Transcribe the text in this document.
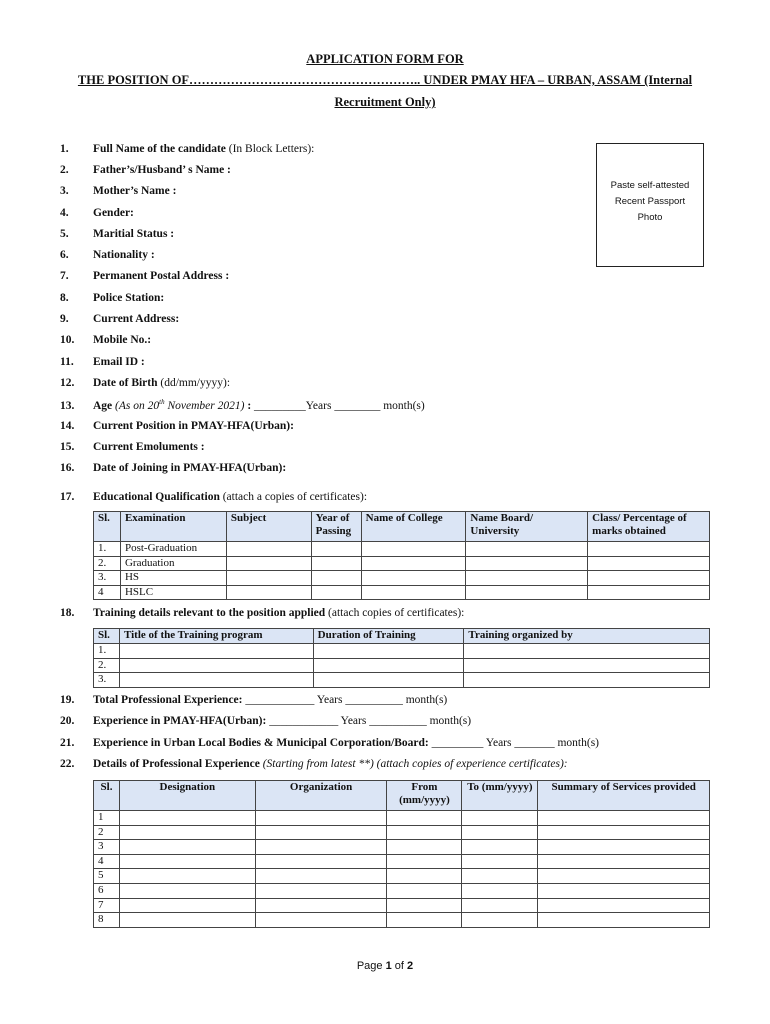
APPLICATION FORM FOR
THE POSITION OF……………………………………………….. UNDER PMAY HFA – URBAN, ASSAM (Internal
Recruitment Only)
Paste self-attested
Recent Passport
Photo
1. Full Name of the candidate (In Block Letters):
2. Father’s/Husband’ s Name :
3. Mother’s Name :
4. Gender:
5. Maritial Status :
6. Nationality :
7. Permanent Postal Address :
8. Police Station:
9. Current Address:
10. Mobile No.:
11. Email ID :
12. Date of Birth (dd/mm/yyyy):
13. Age (As on 20th November 2021) : _________Years ________ month(s)
14. Current Position in PMAY-HFA(Urban):
15. Current Emoluments :
16. Date of Joining in PMAY-HFA(Urban):
17. Educational Qualification (attach a copies of certificates):
Sl.	Examination	Subject	Year of Passing	Name of College	Name Board/ University	Class/ Percentage of marks obtained
1.	Post-Graduation					
2.	Graduation					
3.	HS					
4	HSLC					
18. Training details relevant to the position applied (attach copies of certificates):
Sl.	Title of the Training program	Duration of Training	Training organized by
1.			
2.			
3.			
19. Total Professional Experience: ____________ Years __________ month(s)
20. Experience in PMAY-HFA(Urban): ____________ Years __________ month(s)
21. Experience in Urban Local Bodies & Municipal Corporation/Board: _________ Years _______ month(s)
22. Details of Professional Experience (Starting from latest **) (attach copies of experience certificates):
Sl.	Designation	Organization	From (mm/yyyy)	To (mm/yyyy)	Summary of Services provided
1					
2					
3					
4					
5					
6					
7					
8					
Page 1 of 2
